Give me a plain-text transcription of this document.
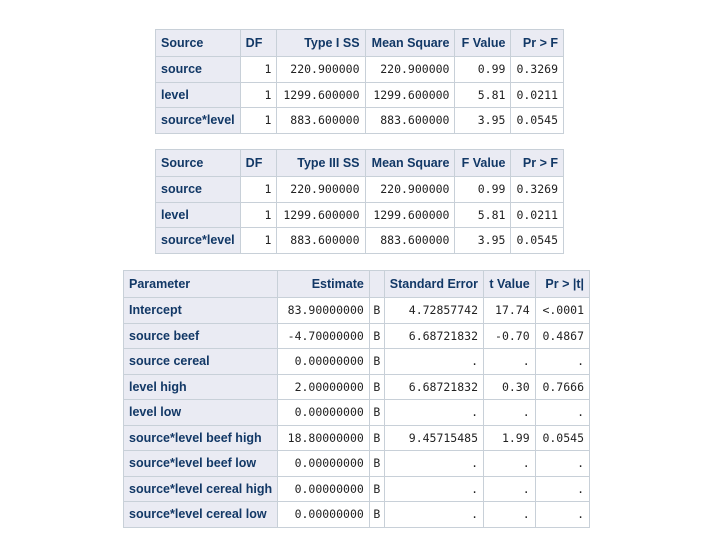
Source	DF	Type I SS	Mean Square	F Value	Pr > F
source	1	220.900000	220.900000	0.99	0.3269
level	1	1299.600000	1299.600000	5.81	0.0211
source*level	1	883.600000	883.600000	3.95	0.0545
Source	DF	Type III SS	Mean Square	F Value	Pr > F
source	1	220.900000	220.900000	0.99	0.3269
level	1	1299.600000	1299.600000	5.81	0.0211
source*level	1	883.600000	883.600000	3.95	0.0545
Parameter	Estimate		Standard Error	t Value	Pr > |t|
Intercept	83.90000000	B	4.72857742	17.74	<.0001
source beef	-4.70000000	B	6.68721832	-0.70	0.4867
source cereal	0.00000000	B	.	.	.
level high	2.00000000	B	6.68721832	0.30	0.7666
level low	0.00000000	B	.	.	.
source*level beef high	18.80000000	B	9.45715485	1.99	0.0545
source*level beef low	0.00000000	B	.	.	.
source*level cereal high	0.00000000	B	.	.	.
source*level cereal low	0.00000000	B	.	.	.
